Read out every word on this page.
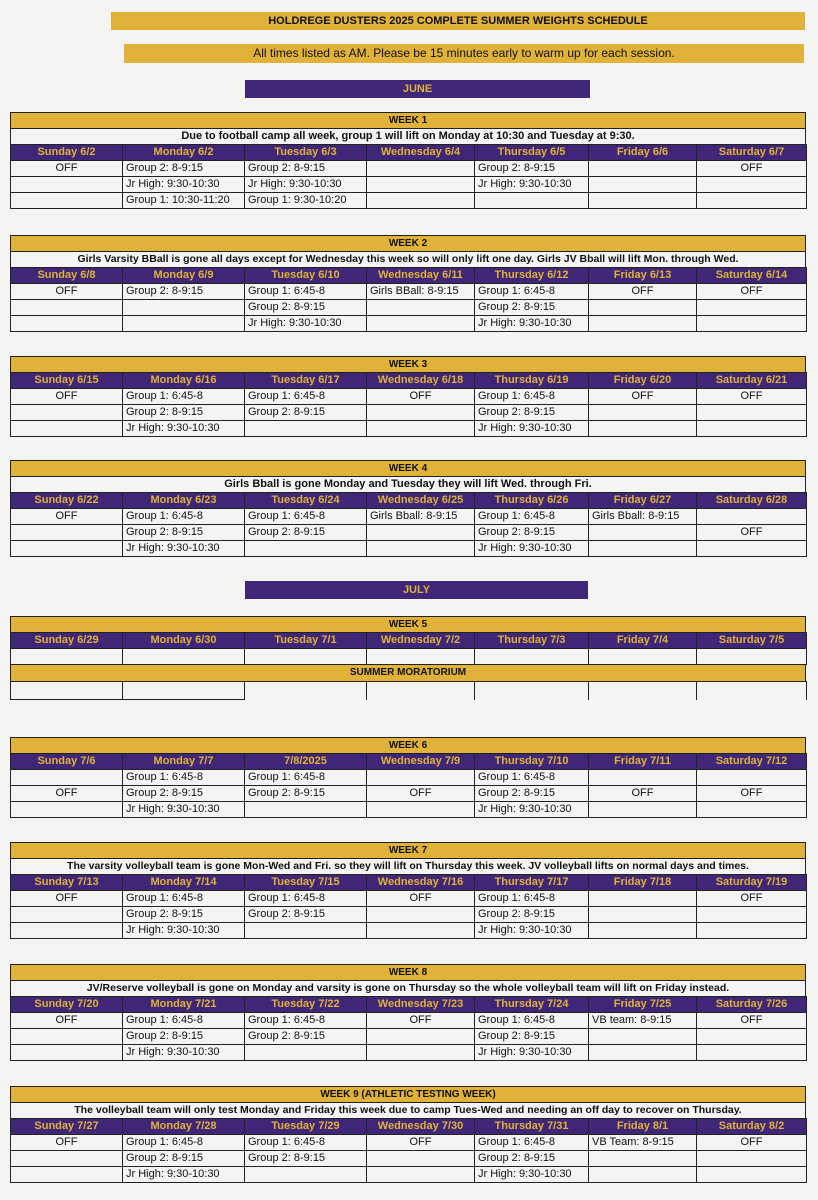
HOLDREGE DUSTERS 2025 COMPLETE SUMMER WEIGHTS SCHEDULE
All times listed as AM. Please be 15 minutes early to warm up for each session.
JUNE
JULY
WEEK 1
Due to football camp all week, group 1 will lift on Monday at 10:30 and Tuesday at 9:30.
Sunday 6/2	Monday 6/2	Tuesday 6/3	Wednesday 6/4	Thursday 6/5	Friday 6/6	Saturday 6/7
OFF	Group 2: 8-9:15	Group 2: 8-9:15		Group 2: 8-9:15		OFF
	Jr High: 9:30-10:30	Jr High: 9:30-10:30		Jr High: 9:30-10:30		
	Group 1: 10:30-11:20	Group 1: 9:30-10:20				
WEEK 2
Girls Varsity BBall is gone all days except for Wednesday this week so will only lift one day. Girls JV Bball will lift Mon. through Wed.
Sunday 6/8	Monday 6/9	Tuesday 6/10	Wednesday 6/11	Thursday 6/12	Friday 6/13	Saturday 6/14
OFF	Group 2: 8-9:15	Group 1: 6:45-8	Girls BBall: 8-9:15	Group 1: 6:45-8	OFF	OFF
		Group 2: 8-9:15		Group 2: 8-9:15		
		Jr High: 9:30-10:30		Jr High: 9:30-10:30		
WEEK 3
Sunday 6/15	Monday 6/16	Tuesday 6/17	Wednesday 6/18	Thursday 6/19	Friday 6/20	Saturday 6/21
OFF	Group 1: 6:45-8	Group 1: 6:45-8	OFF	Group 1: 6:45-8	OFF	OFF
	Group 2: 8-9:15	Group 2: 8-9:15		Group 2: 8-9:15		
	Jr High: 9:30-10:30			Jr High: 9:30-10:30		
WEEK 4
Girls Bball is gone Monday and Tuesday they will lift Wed. through Fri.
Sunday 6/22	Monday 6/23	Tuesday 6/24	Wednesday 6/25	Thursday 6/26	Friday 6/27	Saturday 6/28
OFF	Group 1: 6:45-8	Group 1: 6:45-8	Girls Bball: 8-9:15	Group 1: 6:45-8	Girls Bball: 8-9:15	
	Group 2: 8-9:15	Group 2: 8-9:15		Group 2: 8-9:15		OFF
	Jr High: 9:30-10:30			Jr High: 9:30-10:30		
WEEK 5
Sunday 6/29	Monday 6/30	Tuesday 7/1	Wednesday 7/2	Thursday 7/3	Friday 7/4	Saturday 7/5

SUMMER MORATORIUM

WEEK 6
Sunday 7/6	Monday 7/7	7/8/2025	Wednesday 7/9	Thursday 7/10	Friday 7/11	Saturday 7/12
	Group 1: 6:45-8	Group 1: 6:45-8		Group 1: 6:45-8		
OFF	Group 2: 8-9:15	Group 2: 8-9:15	OFF	Group 2: 8-9:15	OFF	OFF
	Jr High: 9:30-10:30			Jr High: 9:30-10:30		
WEEK 7
The varsity volleyball team is gone Mon-Wed and Fri. so they will lift on Thursday this week. JV volleyball lifts on normal days and times.
Sunday 7/13	Monday 7/14	Tuesday 7/15	Wednesday 7/16	Thursday 7/17	Friday 7/18	Saturday 7/19
OFF	Group 1: 6:45-8	Group 1: 6:45-8	OFF	Group 1: 6:45-8		OFF
	Group 2: 8-9:15	Group 2: 8-9:15		Group 2: 8-9:15		
	Jr High: 9:30-10:30			Jr High: 9:30-10:30		
WEEK 8
JV/Reserve volleyball is gone on Monday and varsity is gone on Thursday so the whole volleyball team will lift on Friday instead.
Sunday 7/20	Monday 7/21	Tuesday 7/22	Wednesday 7/23	Thursday 7/24	Friday 7/25	Saturday 7/26
OFF	Group 1: 6:45-8	Group 1: 6:45-8	OFF	Group 1: 6:45-8	VB team: 8-9:15	OFF
	Group 2: 8-9:15	Group 2: 8-9:15		Group 2: 8-9:15		
	Jr High: 9:30-10:30			Jr High: 9:30-10:30		
WEEK 9 (ATHLETIC TESTING WEEK)
The volleyball team will only test Monday and Friday this week due to camp Tues-Wed and needing an off day to recover on Thursday.
Sunday 7/27	Monday 7/28	Tuesday 7/29	Wednesday 7/30	Thursday 7/31	Friday 8/1	Saturday 8/2
OFF	Group 1: 6:45-8	Group 1: 6:45-8	OFF	Group 1: 6:45-8	VB Team: 8-9:15	OFF
	Group 2: 8-9:15	Group 2: 8-9:15		Group 2: 8-9:15		
	Jr High: 9:30-10:30			Jr High: 9:30-10:30		
